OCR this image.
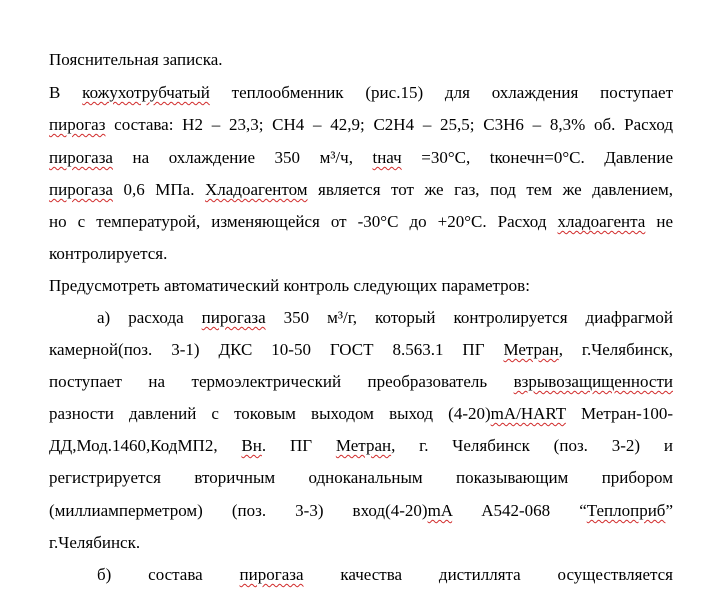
Пояснительная записка.
В кожухотрубчатый теплообменник (рис.15) для охлаждения поступает
пирогаз состава: Н2 – 23,3; СН4 – 42,9; С2Н4 – 25,5; С3Н6 – 8,3% об. Расход
пирогаза на охлаждение 350 м³/ч, tнач =30°С, tконечн=0°С. Давление
пирогаза 0,6 МПа. Хладоагентом является тот же газ, под тем же давлением,
но с температурой, изменяющейся от -30°С до +20°С. Расход хладоагента не
контролируется.
Предусмотреть автоматический контроль следующих параметров:
а) расхода пирогаза 350 м³/г, который контролируется диафрагмой
камерной(поз. 3-1) ДКС 10-50 ГОСТ 8.563.1 ПГ Метран, г.Челябинск,
поступает на термоэлектрический преобразователь взрывозащищенности
разности давлений с токовым выходом выход (4-20)mA/HART Метран-100-
ДД,Мод.1460,КодМП2, Вн. ПГ Метран, г. Челябинск (поз. 3-2) и
регистрируется вторичным одноканальным показывающим прибором
(миллиамперметром) (поз. 3-3) вход(4-20)mA А542-068 “Теплоприб”
г.Челябинск.
б) состава пирогаза качества дистиллята осуществляется
